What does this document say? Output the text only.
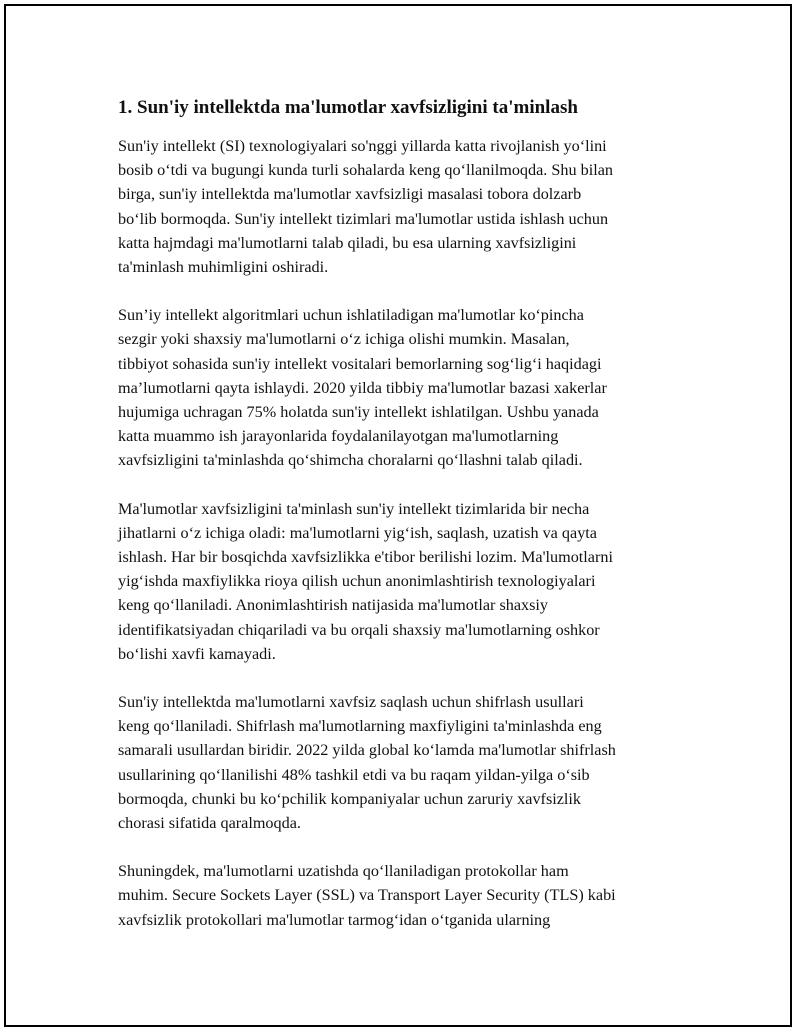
1. Sun'iy intellektda ma'lumotlar xavfsizligini ta'minlash

Sun'iy intellekt (SI) texnologiyalari so'nggi yillarda katta rivojlanish yo‘lini
bosib o‘tdi va bugungi kunda turli sohalarda keng qo‘llanilmoqda. Shu bilan
birga, sun'iy intellektda ma'lumotlar xavfsizligi masalasi tobora dolzarb
bo‘lib bormoqda. Sun'iy intellekt tizimlari ma'lumotlar ustida ishlash uchun
katta hajmdagi ma'lumotlarni talab qiladi, bu esa ularning xavfsizligini
ta'minlash muhimligini oshiradi.

Sun’iy intellekt algoritmlari uchun ishlatiladigan ma'lumotlar ko‘pincha
sezgir yoki shaxsiy ma'lumotlarni o‘z ichiga olishi mumkin. Masalan,
tibbiyot sohasida sun'iy intellekt vositalari bemorlarning sog‘lig‘i haqidagi
ma’lumotlarni qayta ishlaydi. 2020 yilda tibbiy ma'lumotlar bazasi xakerlar
hujumiga uchragan 75% holatda sun'iy intellekt ishlatilgan. Ushbu yanada
katta muammo ish jarayonlarida foydalanilayotgan ma'lumotlarning
xavfsizligini ta'minlashda qo‘shimcha choralarni qo‘llashni talab qiladi.

Ma'lumotlar xavfsizligini ta'minlash sun'iy intellekt tizimlarida bir necha
jihatlarni o‘z ichiga oladi: ma'lumotlarni yig‘ish, saqlash, uzatish va qayta
ishlash. Har bir bosqichda xavfsizlikka e'tibor berilishi lozim. Ma'lumotlarni
yig‘ishda maxfiylikka rioya qilish uchun anonimlashtirish texnologiyalari
keng qo‘llaniladi. Anonimlashtirish natijasida ma'lumotlar shaxsiy
identifikatsiyadan chiqariladi va bu orqali shaxsiy ma'lumotlarning oshkor
bo‘lishi xavfi kamayadi.

Sun'iy intellektda ma'lumotlarni xavfsiz saqlash uchun shifrlash usullari
keng qo‘llaniladi. Shifrlash ma'lumotlarning maxfiyligini ta'minlashda eng
samarali usullardan biridir. 2022 yilda global ko‘lamda ma'lumotlar shifrlash
usullarining qo‘llanilishi 48% tashkil etdi va bu raqam yildan-yilga o‘sib
bormoqda, chunki bu ko‘pchilik kompaniyalar uchun zaruriy xavfsizlik
chorasi sifatida qaralmoqda.

Shuningdek, ma'lumotlarni uzatishda qo‘llaniladigan protokollar ham
muhim. Secure Sockets Layer (SSL) va Transport Layer Security (TLS) kabi
xavfsizlik protokollari ma'lumotlar tarmog‘idan o‘tganida ularning
